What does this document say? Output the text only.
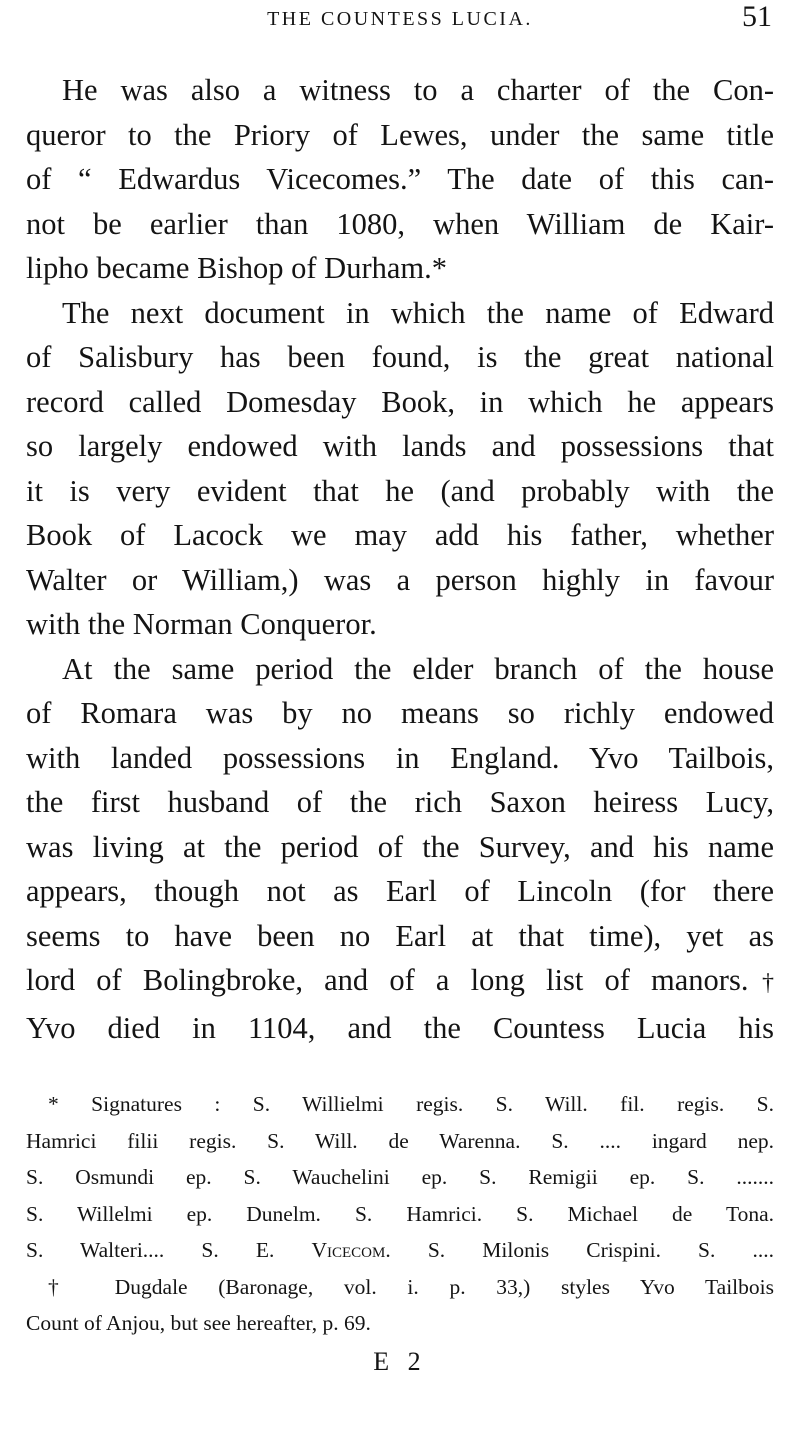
THE COUNTESS LUCIA.	51
He was also a witness to a charter of the Con-
queror to the Priory of Lewes, under the same title
of “ Edwardus Vicecomes.” The date of this can-
not be earlier than 1080, when William de Kair-
lipho became Bishop of Durham.*
The next document in which the name of Edward
of Salisbury has been found, is the great national
record called Domesday Book, in which he appears
so largely endowed with lands and possessions that
it is very evident that he (and probably with the
Book of Lacock we may add his father, whether
Walter or William,) was a person highly in favour
with the Norman Conqueror.
At the same period the elder branch of the house
of Romara was by no means so richly endowed
with landed possessions in England. Yvo Tailbois,
the first husband of the rich Saxon heiress Lucy,
was living at the period of the Survey, and his name
appears, though not as Earl of Lincoln (for there
seems to have been no Earl at that time), yet as
lord of Bolingbroke, and of a long list of manors.†
Yvo died in 1104, and the Countess Lucia his
* Signatures : S. Willielmi regis. S. Will. fil. regis. S.
Hamrici filii regis. S. Will. de Warenna. S. .... ingard nep.
S. Osmundi ep. S. Wauchelini ep. S. Remigii ep. S. .......
S. Willelmi ep. Dunelm. S. Hamrici. S. Michael de Tona.
S. Walteri.... S. E. Vicecom. S. Milonis Crispini. S. ....
† Dugdale (Baronage, vol. i. p. 33,) styles Yvo Tailbois
Count of Anjou, but see hereafter, p. 69.
E 2
